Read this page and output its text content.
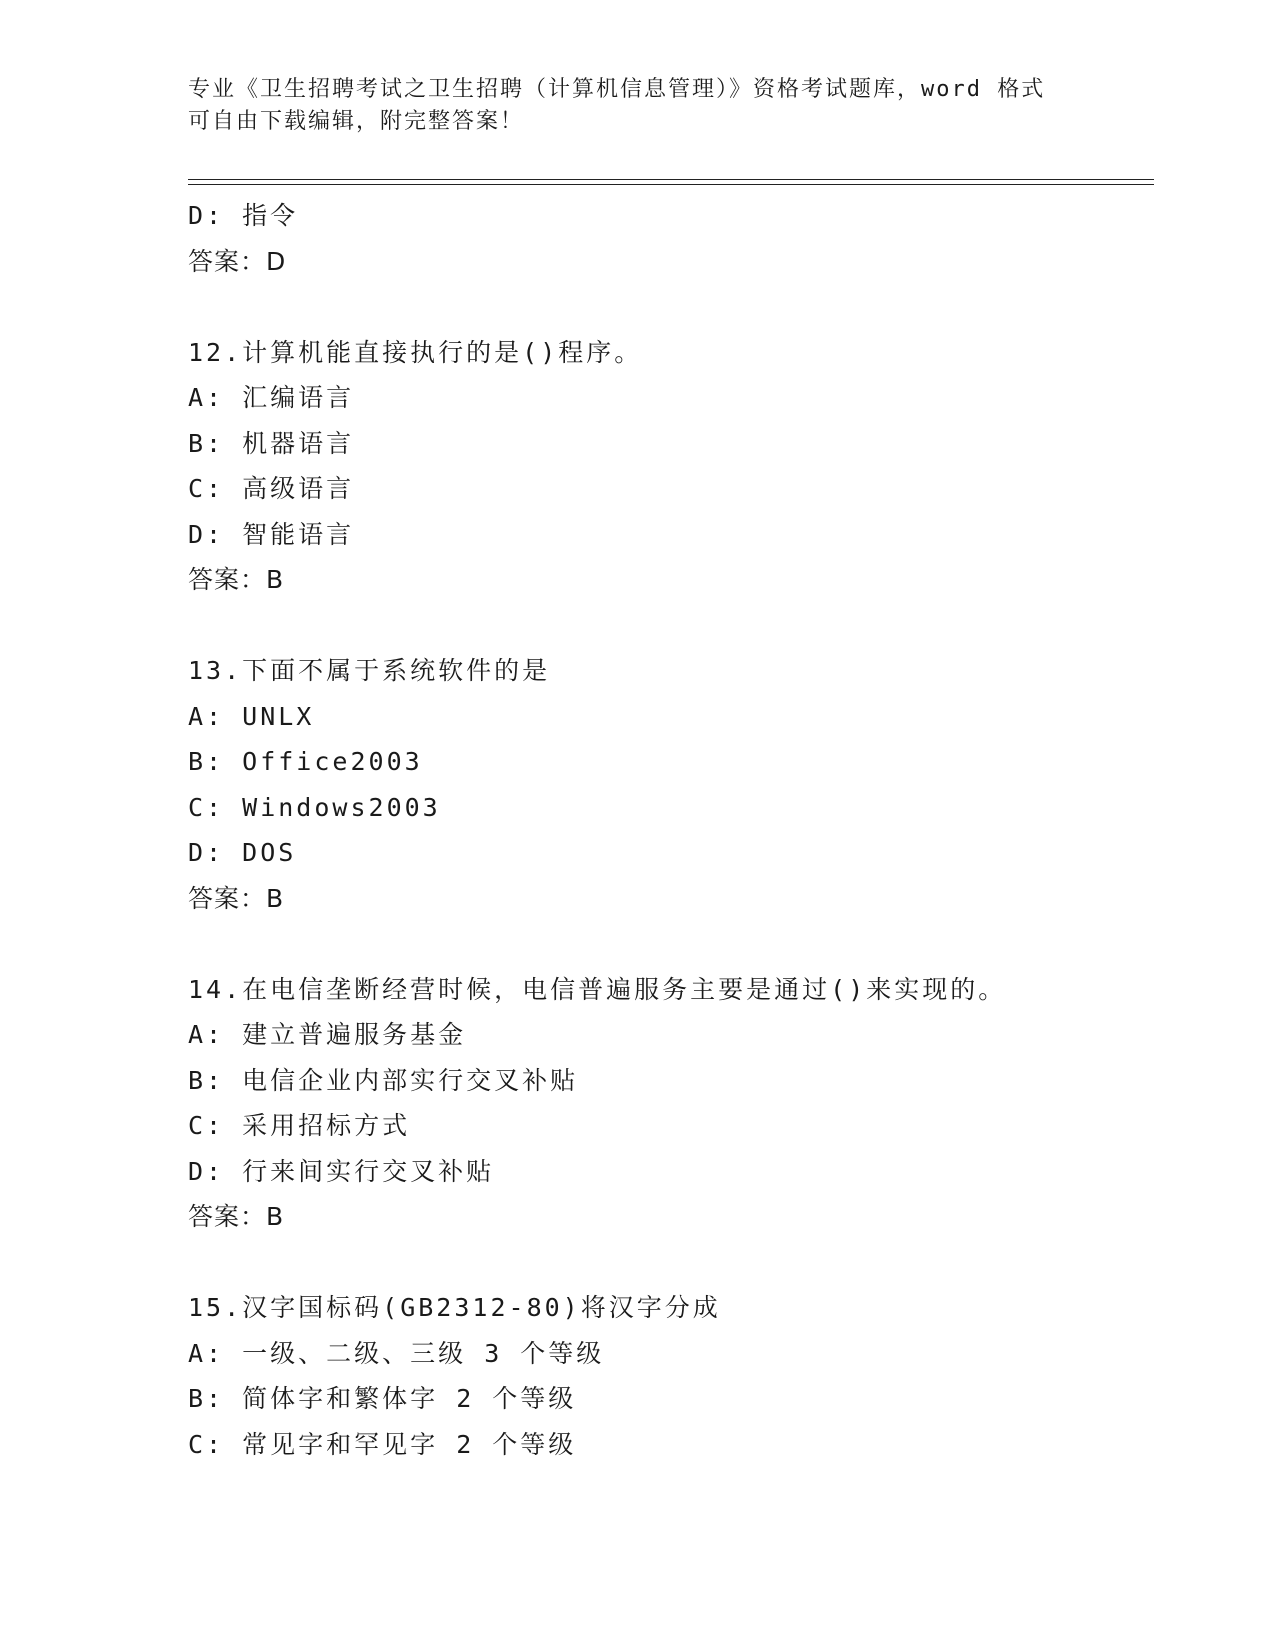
专业《卫生招聘考试之卫生招聘（计算机信息管理）》资格考试题库，word 格式
可自由下载编辑，附完整答案！
D: 指令
答案：D
12.计算机能直接执行的是()程序。
A: 汇编语言
B: 机器语言
C: 高级语言
D: 智能语言
答案：B
13.下面不属于系统软件的是
A: UNLX
B: Office2003
C: Windows2003
D: DOS
答案：B
14.在电信垄断经营时候，电信普遍服务主要是通过()来实现的。
A: 建立普遍服务基金
B: 电信企业内部实行交叉补贴
C: 采用招标方式
D: 行来间实行交叉补贴
答案：B
15.汉字国标码(GB2312-80)将汉字分成
A: 一级、二级、三级 3 个等级
B: 简体字和繁体字 2 个等级
C: 常见字和罕见字 2 个等级
